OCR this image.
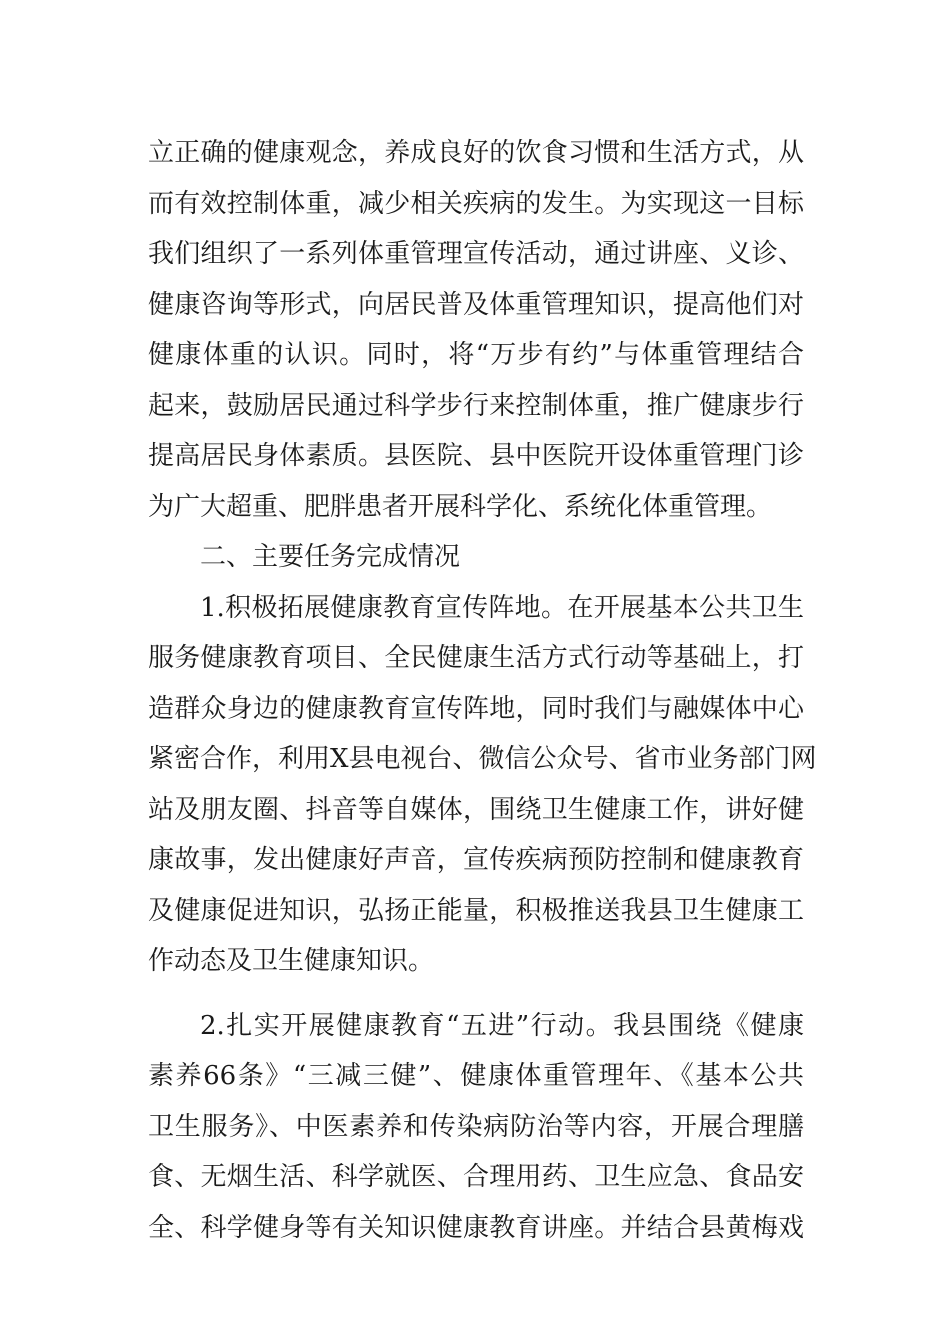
立正确的健康观念，养成良好的饮食习惯和生活方式，从

而有效控制体重，减少相关疾病的发生。为实现这一目标

我们组织了一系列体重管理宣传活动，通过讲座、义诊、

健康咨询等形式，向居民普及体重管理知识，提高他们对

健康体重的认识。同时，将“万步有约”与体重管理结合

起来，鼓励居民通过科学步行来控制体重，推广健康步行

提高居民身体素质。县医院、县中医院开设体重管理门诊

为广大超重、肥胖患者开展科学化、系统化体重管理。

二、主要任务完成情况

1.积极拓展健康教育宣传阵地。在开展基本公共卫生

服务健康教育项目、全民健康生活方式行动等基础上，打

造群众身边的健康教育宣传阵地，同时我们与融媒体中心

紧密合作，利用X县电视台、微信公众号、省市业务部门网

站及朋友圈、抖音等自媒体，围绕卫生健康工作，讲好健

康故事，发出健康好声音，宣传疾病预防控制和健康教育

及健康促进知识，弘扬正能量，积极推送我县卫生健康工

作动态及卫生健康知识。

2.扎实开展健康教育“五进”行动。我县围绕《健康

素养66条》“三减三健”、健康体重管理年、《基本公共

卫生服务》、中医素养和传染病防治等内容，开展合理膳

食、无烟生活、科学就医、合理用药、卫生应急、食品安

全、科学健身等有关知识健康教育讲座。并结合县黄梅戏
